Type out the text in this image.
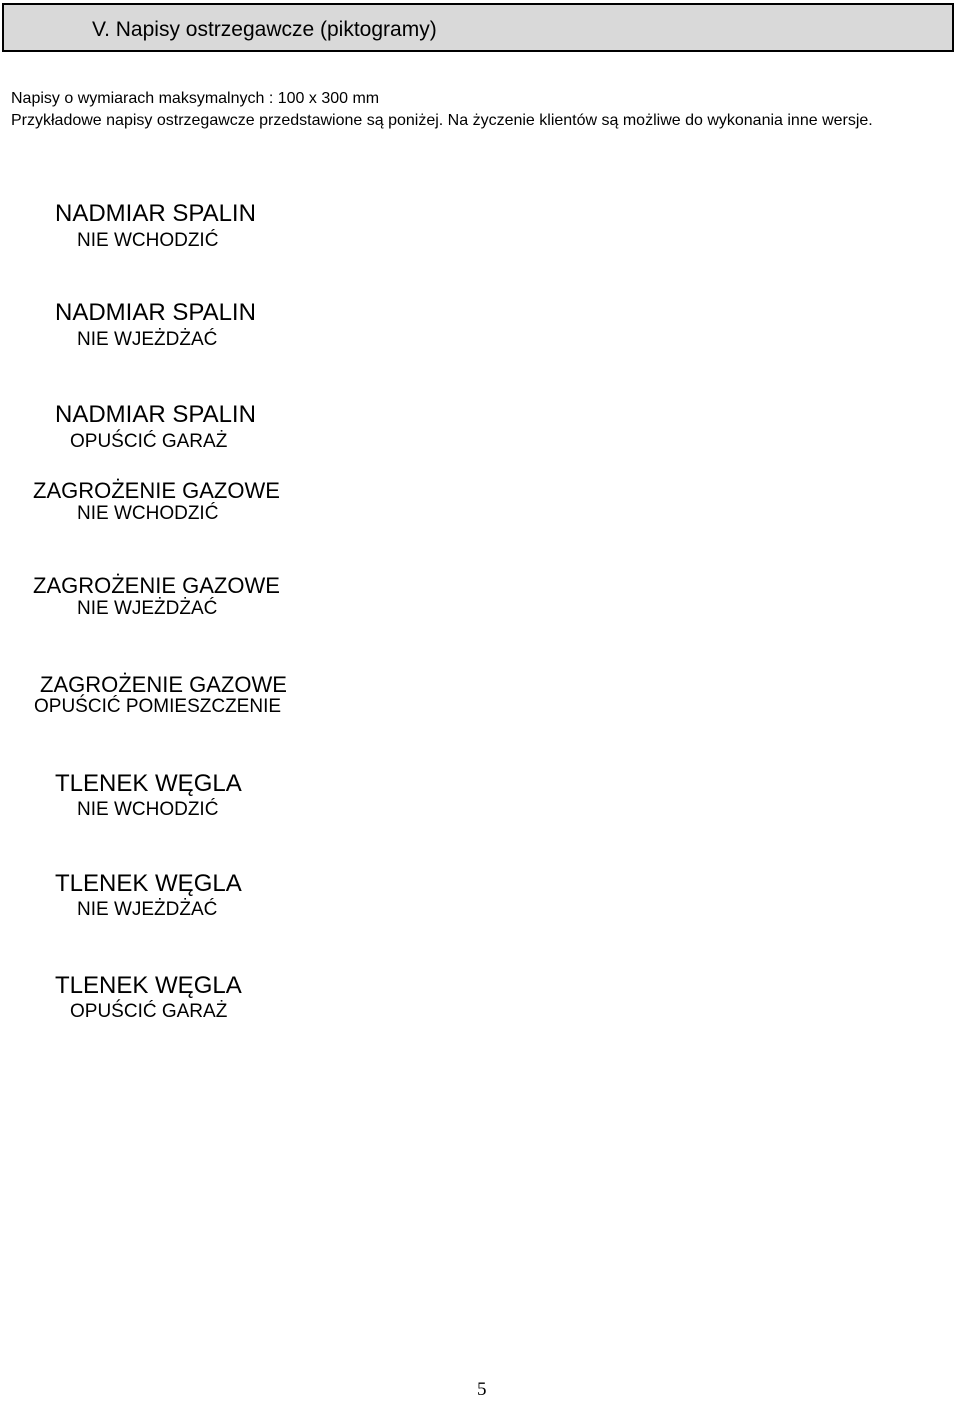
V. Napisy ostrzegawcze (piktogramy)

Napisy o wymiarach maksymalnych : 100 x 300 mm

Przykładowe napisy ostrzegawcze przedstawione są poniżej. Na życzenie klientów są możliwe do wykonania inne wersje.

NADMIAR SPALIN
NIE WCHODZIĆ
NADMIAR SPALIN
NIE WJEŻDŻAĆ
NADMIAR SPALIN
OPUŚCIĆ GARAŻ
ZAGROŻENIE GAZOWE
NIE WCHODZIĆ
ZAGROŻENIE GAZOWE
NIE WJEŻDŻAĆ
ZAGROŻENIE GAZOWE
OPUŚCIĆ POMIESZCZENIE
TLENEK WĘGLA
NIE WCHODZIĆ
TLENEK WĘGLA
NIE WJEŻDŻAĆ
TLENEK WĘGLA
OPUŚCIĆ GARAŻ
5
